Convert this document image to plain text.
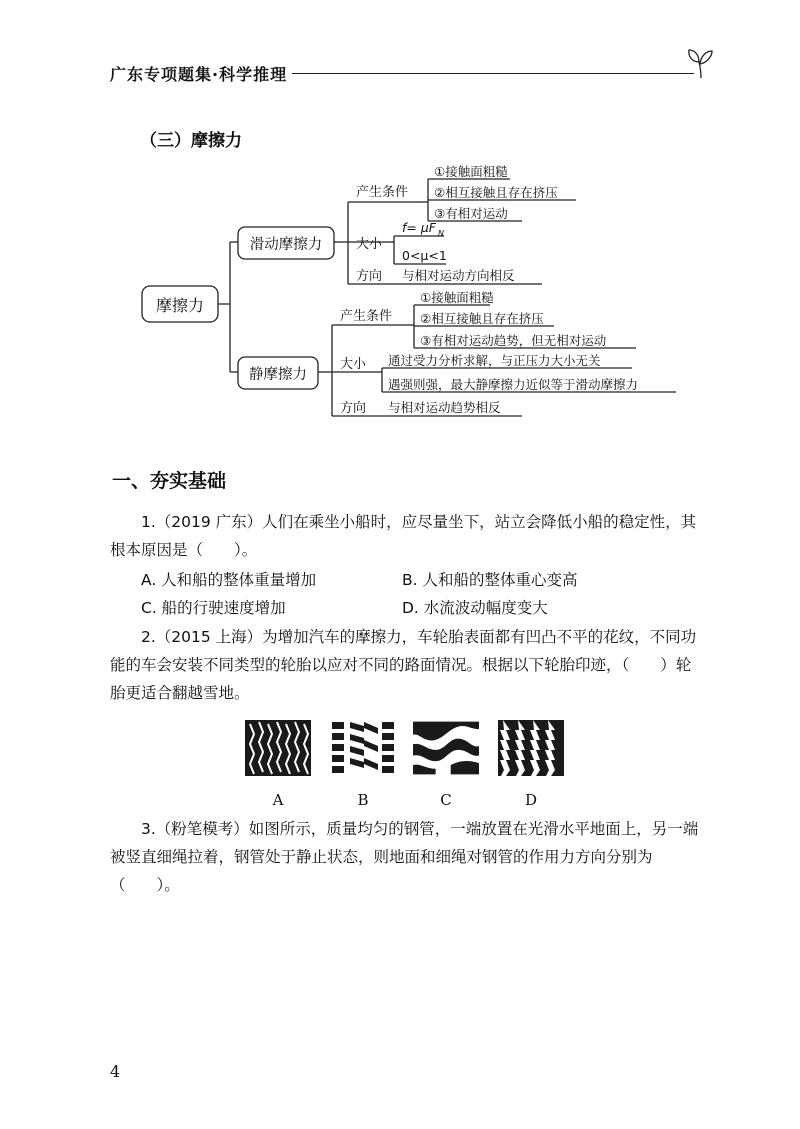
广东专项题集·科学推理
（三）摩擦力
摩擦力
滑动摩擦力
静摩擦力
产生条件
①接触面粗糙
②相互接触且存在挤压
③有相对运动
大小
f= μF N
0<μ<1
方向 与相对运动方向相反
产生条件
①接触面粗糙
②相互接触且存在挤压
③有相对运动趋势，但无相对运动
大小 通过受力分析求解，与正压力大小无关
遇强则强，最大静摩擦力近似等于滑动摩擦力
方向 与相对运动趋势相反
一、夯实基础
1.（2019 广东）人们在乘坐小船时，应尽量坐下，站立会降低小船的稳定性，其根本原因是（　　）。
A. 人和船的整体重量增加	B. 人和船的整体重心变高
C. 船的行驶速度增加	D. 水流波动幅度变大
2.（2015 上海）为增加汽车的摩擦力，车轮胎表面都有凹凸不平的花纹，不同功能的车会安装不同类型的轮胎以应对不同的路面情况。根据以下轮胎印迹，（　　）轮胎更适合翻越雪地。
A	B	C	D
3.（粉笔模考）如图所示，质量均匀的钢管，一端放置在光滑水平地面上，另一端被竖直细绳拉着，钢管处于静止状态，则地面和细绳对钢管的作用力方向分别为（　　）。
4
